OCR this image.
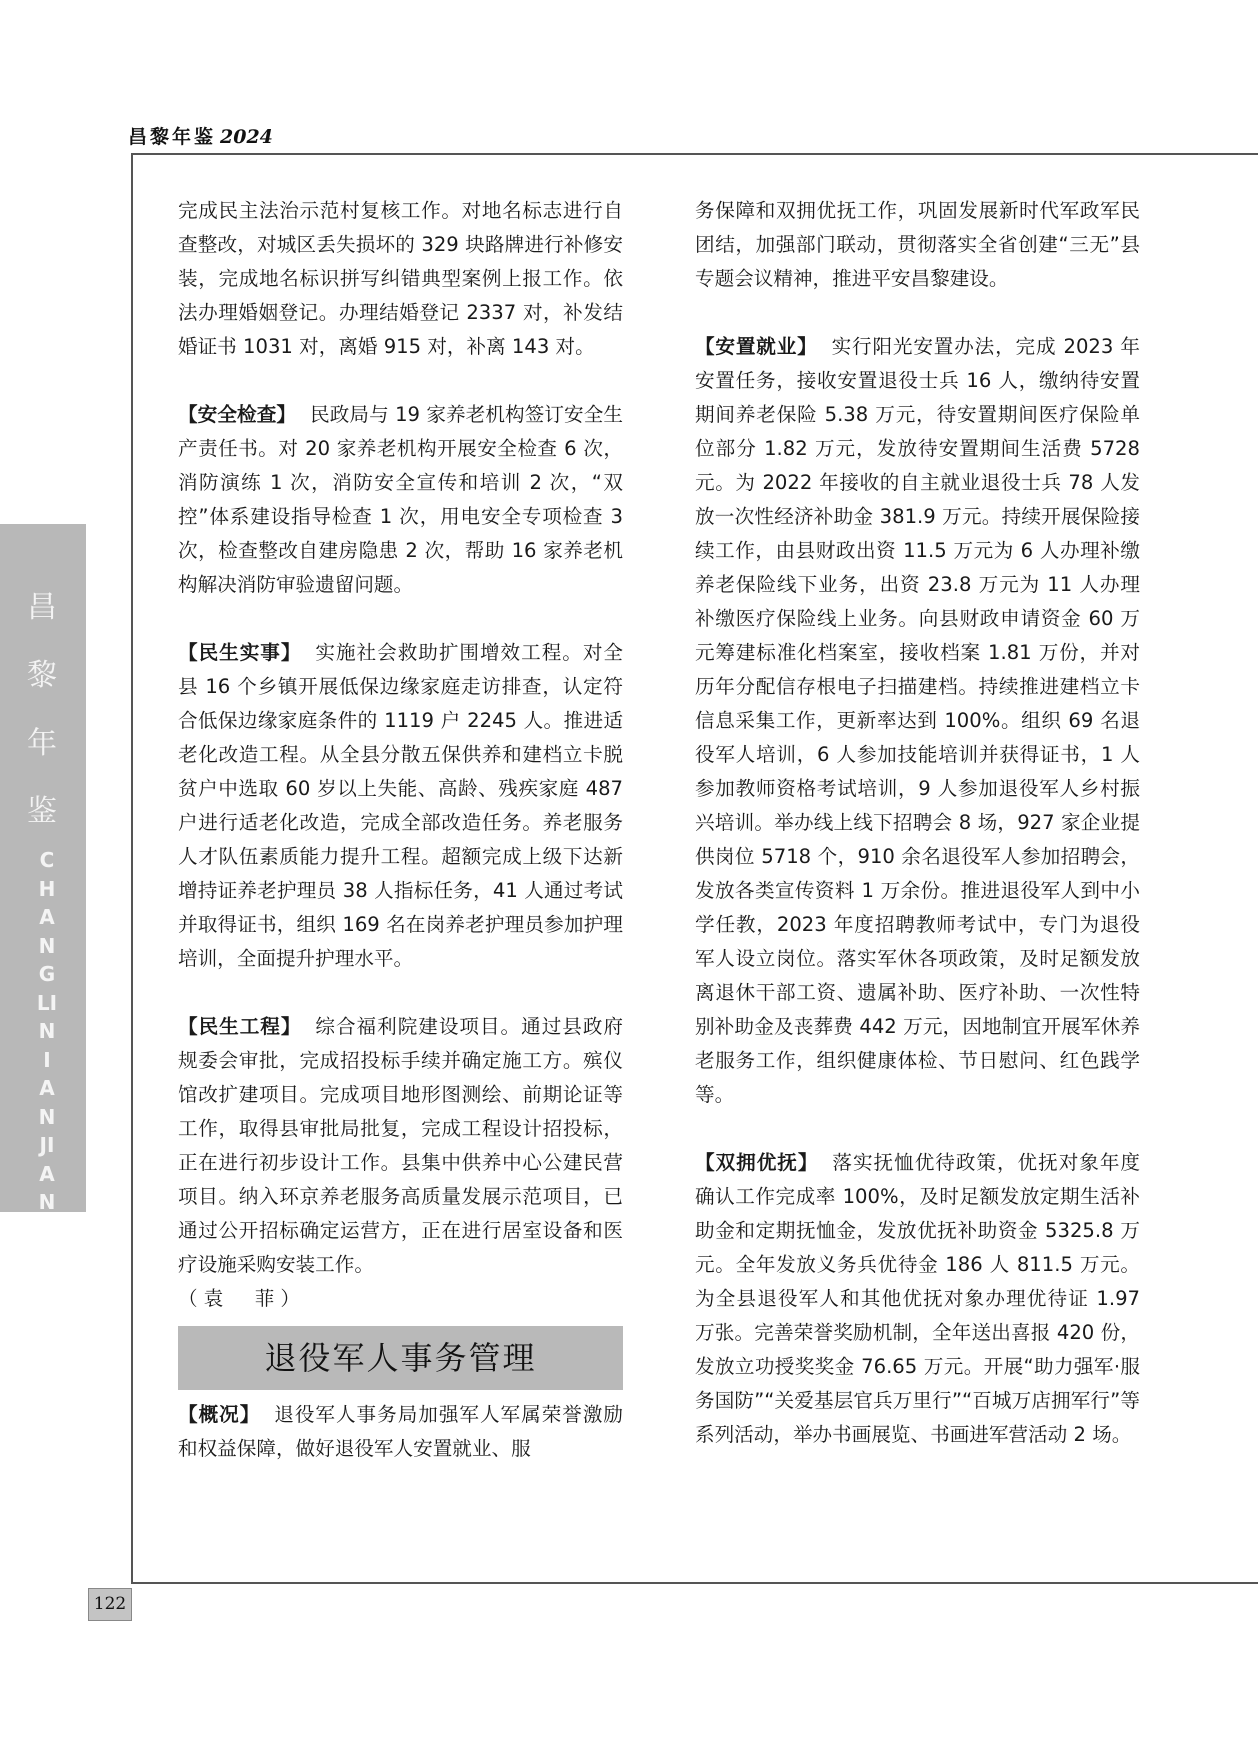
昌黎年鉴 2024
昌
黎
年
鉴
CHANGLINIANJIAN
122

完成民主法治示范村复核工作。对地名标志进行自查整改，对城区丢失损坏的 329 块路牌进行补修安装，完成地名标识拼写纠错典型案例上报工作。依法办理婚姻登记。办理结婚登记 2337 对，补发结婚证书 1031 对，离婚 915 对，补离 143 对。

【安全检查】 民政局与 19 家养老机构签订安全生产责任书。对 20 家养老机构开展安全检查 6 次，消防演练 1 次，消防安全宣传和培训 2 次，“双控”体系建设指导检查 1 次，用电安全专项检查 3 次，检查整改自建房隐患 2 次，帮助 16 家养老机构解决消防审验遗留问题。

【民生实事】 实施社会救助扩围增效工程。对全县 16 个乡镇开展低保边缘家庭走访排查，认定符合低保边缘家庭条件的 1119 户 2245 人。推进适老化改造工程。从全县分散五保供养和建档立卡脱贫户中选取 60 岁以上失能、高龄、残疾家庭 487 户进行适老化改造，完成全部改造任务。养老服务人才队伍素质能力提升工程。超额完成上级下达新增持证养老护理员 38 人指标任务，41 人通过考试并取得证书，组织 169 名在岗养老护理员参加护理培训，全面提升护理水平。

【民生工程】 综合福利院建设项目。通过县政府规委会审批，完成招投标手续并确定施工方。殡仪馆改扩建项目。完成项目地形图测绘、前期论证等工作，取得县审批局批复，完成工程设计招投标，正在进行初步设计工作。县集中供养中心公建民营项目。纳入环京养老服务高质量发展示范项目，已通过公开招标确定运营方，正在进行居室设备和医疗设施采购安装工作。

（袁　菲）

退役军人事务管理

【概况】 退役军人事务局加强军人军属荣誉激励和权益保障，做好退役军人安置就业、服

务保障和双拥优抚工作，巩固发展新时代军政军民团结，加强部门联动，贯彻落实全省创建“三无”县专题会议精神，推进平安昌黎建设。

【安置就业】 实行阳光安置办法，完成 2023 年安置任务，接收安置退役士兵 16 人，缴纳待安置期间养老保险 5.38 万元，待安置期间医疗保险单位部分 1.82 万元，发放待安置期间生活费 5728 元。为 2022 年接收的自主就业退役士兵 78 人发放一次性经济补助金 381.9 万元。持续开展保险接续工作，由县财政出资 11.5 万元为 6 人办理补缴养老保险线下业务，出资 23.8 万元为 11 人办理补缴医疗保险线上业务。向县财政申请资金 60 万元筹建标准化档案室，接收档案 1.81 万份，并对历年分配信存根电子扫描建档。持续推进建档立卡信息采集工作，更新率达到 100%。组织 69 名退役军人培训，6 人参加技能培训并获得证书，1 人参加教师资格考试培训，9 人参加退役军人乡村振兴培训。举办线上线下招聘会 8 场，927 家企业提供岗位 5718 个，910 余名退役军人参加招聘会，发放各类宣传资料 1 万余份。推进退役军人到中小学任教，2023 年度招聘教师考试中，专门为退役军人设立岗位。落实军休各项政策，及时足额发放离退休干部工资、遗属补助、医疗补助、一次性特别补助金及丧葬费 442 万元，因地制宜开展军休养老服务工作，组织健康体检、节日慰问、红色践学等。

【双拥优抚】 落实抚恤优待政策，优抚对象年度确认工作完成率 100%，及时足额发放定期生活补助金和定期抚恤金，发放优抚补助资金 5325.8 万元。全年发放义务兵优待金 186 人 811.5 万元。为全县退役军人和其他优抚对象办理优待证 1.97 万张。完善荣誉奖励机制，全年送出喜报 420 份，发放立功授奖奖金 76.65 万元。开展“助力强军·服务国防”“关爱基层官兵万里行”“百城万店拥军行”等系列活动，举办书画展览、书画进军营活动 2 场。
